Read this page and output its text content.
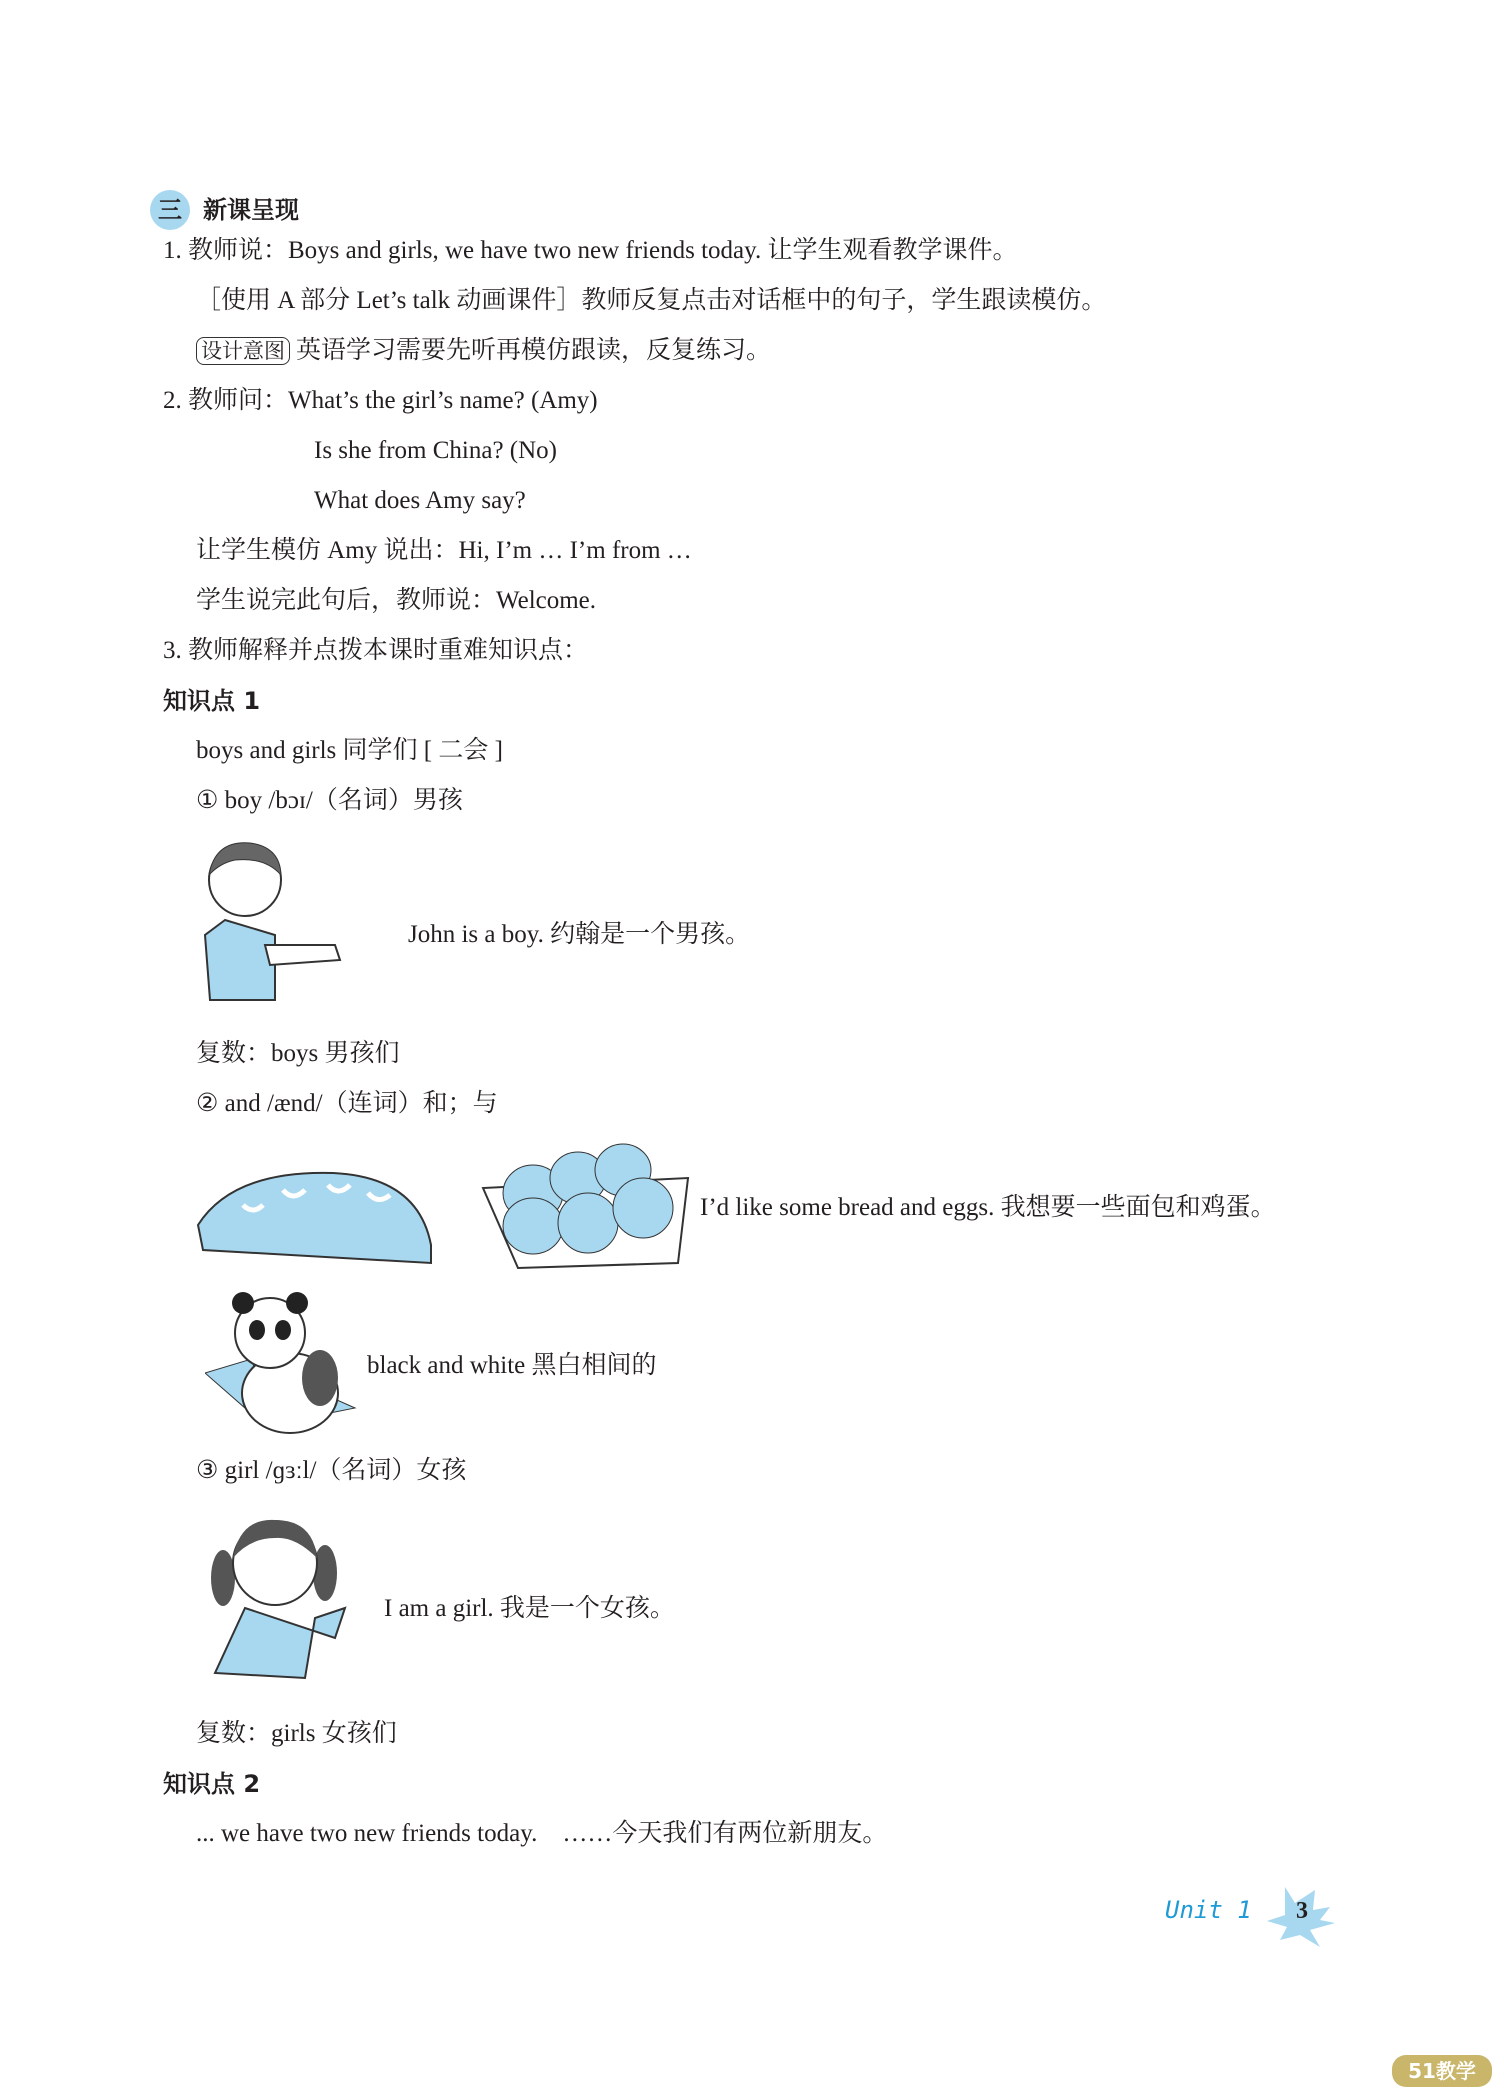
三 新课呈现
1. 教师说：Boys and girls, we have two new friends today. 让学生观看教学课件。
［使用 A 部分 Let’s talk 动画课件］教师反复点击对话框中的句子，学生跟读模仿。
设计意图 英语学习需要先听再模仿跟读，反复练习。
2. 教师问：What’s the girl’s name? (Amy)
Is she from China? (No)
What does Amy say?
让学生模仿 Amy 说出：Hi, I’m … I’m from …
学生说完此句后，教师说：Welcome.
3. 教师解释并点拨本课时重难知识点：
知识点 1
boys and girls 同学们 [ 二会 ]
① boy /bɔɪ/（名词）男孩
John is a boy. 约翰是一个男孩。
复数：boys 男孩们
② and /ænd/（连词）和；与
I’d like some bread and eggs. 我想要一些面包和鸡蛋。
black and white 黑白相间的
③ girl /ɡɜːl/（名词）女孩
I am a girl. 我是一个女孩。
复数：girls 女孩们
知识点 2
... we have two new friends today.　……今天我们有两位新朋友。
Unit 1 3
51教学
